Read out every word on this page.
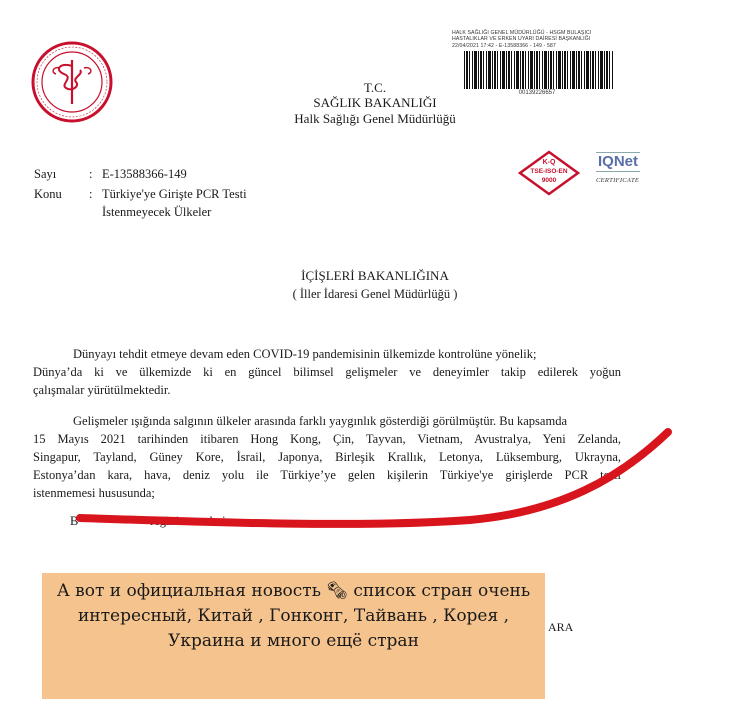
T.C.
SAĞLIK BAKANLIĞI
Halk Sağlığı Genel Müdürlüğü
HALK SAĞLIĞI GENEL MÜDÜRLÜĞÜ - HSGM BULAŞICI
HASTALIKLAR VE ERKEN UYARI DAİRESİ BAŞKANLIĞI
22/04/2021 17:42 - E-13588366 - 149 - 587
00139226657
K-Q
TSE-ISO-EN
9000
IQNet
CERTIFICATE
Sayı	: E-13588366-149
Konu : Türkiye'ye Girişte PCR Testi
İstenmeyecek Ülkeler
İÇİŞLERİ BAKANLIĞINA
( İller İdaresi Genel Müdürlüğü )
Dünyayı tehdit etmeye devam eden COVID-19 pandemisinin ülkemizde kontrolüne yönelik;
Dünya’da ki ve ülkemizde ki en güncel bilimsel gelişmeler ve deneyimler takip edilerek yoğun
çalışmalar yürütülmektedir.
Gelişmeler ışığında salgının ülkeler arasında farklı yaygınlık gösterdiği görülmüştür. Bu kapsamda
15 Mayıs 2021 tarihinden itibaren Hong Kong, Çin, Tayvan, Vietnam, Avustralya, Yeni Zelanda,
Singapur, Tayland, Güney Kore, İsrail, Japonya, Birleşik Krallık, Letonya, Lüksemburg, Ukrayna,
Estonya’dan kara, hava, deniz yolu ile Türkiye’ye gelen kişilerin Türkiye'ye girişlerde PCR testi
istenmemesi hususunda;
B	reğini arz ederim.
ARA
А вот и официальная новость 🗞 список стран очень интересный, Китай , Гонконг, Тайвань , Корея , Украина и много ещё стран
